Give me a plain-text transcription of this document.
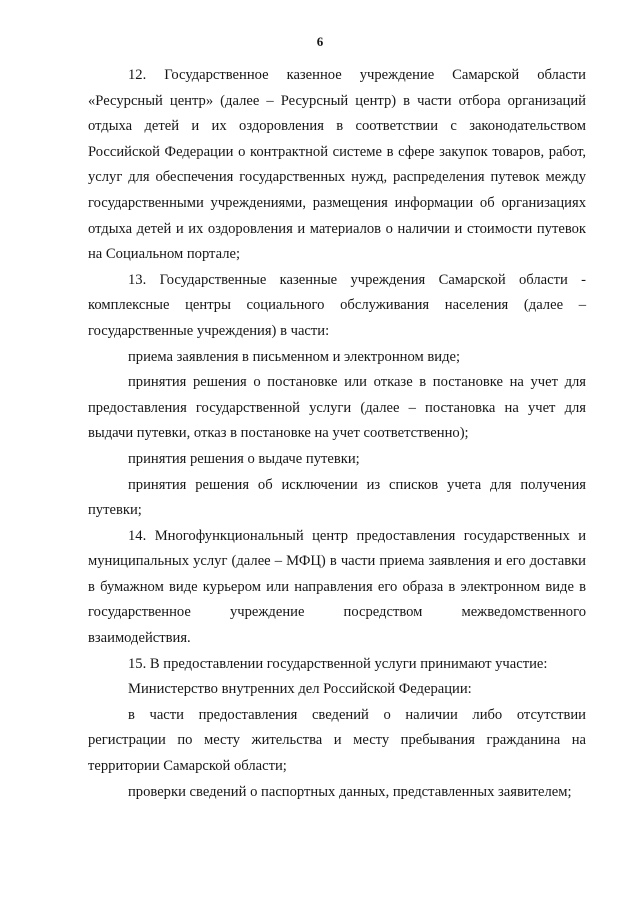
6

12. Государственное казенное учреждение Самарской области «Ресурсный центр» (далее – Ресурсный центр) в части отбора организаций отдыха детей и их оздоровления в соответствии с законодательством Российской Федерации о контрактной системе в сфере закупок товаров, работ, услуг для обеспечения государственных нужд, распределения путевок между государственными учреждениями, размещения информации об организациях отдыха детей и их оздоровления и материалов о наличии и стоимости путевок на Социальном портале;

13. Государственные казенные учреждения Самарской области - комплексные центры социального обслуживания населения (далее – государственные учреждения) в части:

приема заявления в письменном и электронном виде;

принятия решения о постановке или отказе в постановке на учет для предоставления государственной услуги (далее – постановка на учет для выдачи путевки, отказ в постановке на учет соответственно);

принятия решения о выдаче путевки;

принятия решения об исключении из списков учета для получения путевки;

14. Многофункциональный центр предоставления государственных и муниципальных услуг (далее – МФЦ) в части приема заявления и его доставки в бумажном виде курьером или направления его образа в электронном виде в государственное учреждение посредством межведомственного взаимодействия.

15. В предоставлении государственной услуги принимают участие:

Министерство внутренних дел Российской Федерации:

в части предоставления сведений о наличии либо отсутствии регистрации по месту жительства и месту пребывания гражданина на территории Самарской области;

проверки сведений о паспортных данных, представленных заявителем;
